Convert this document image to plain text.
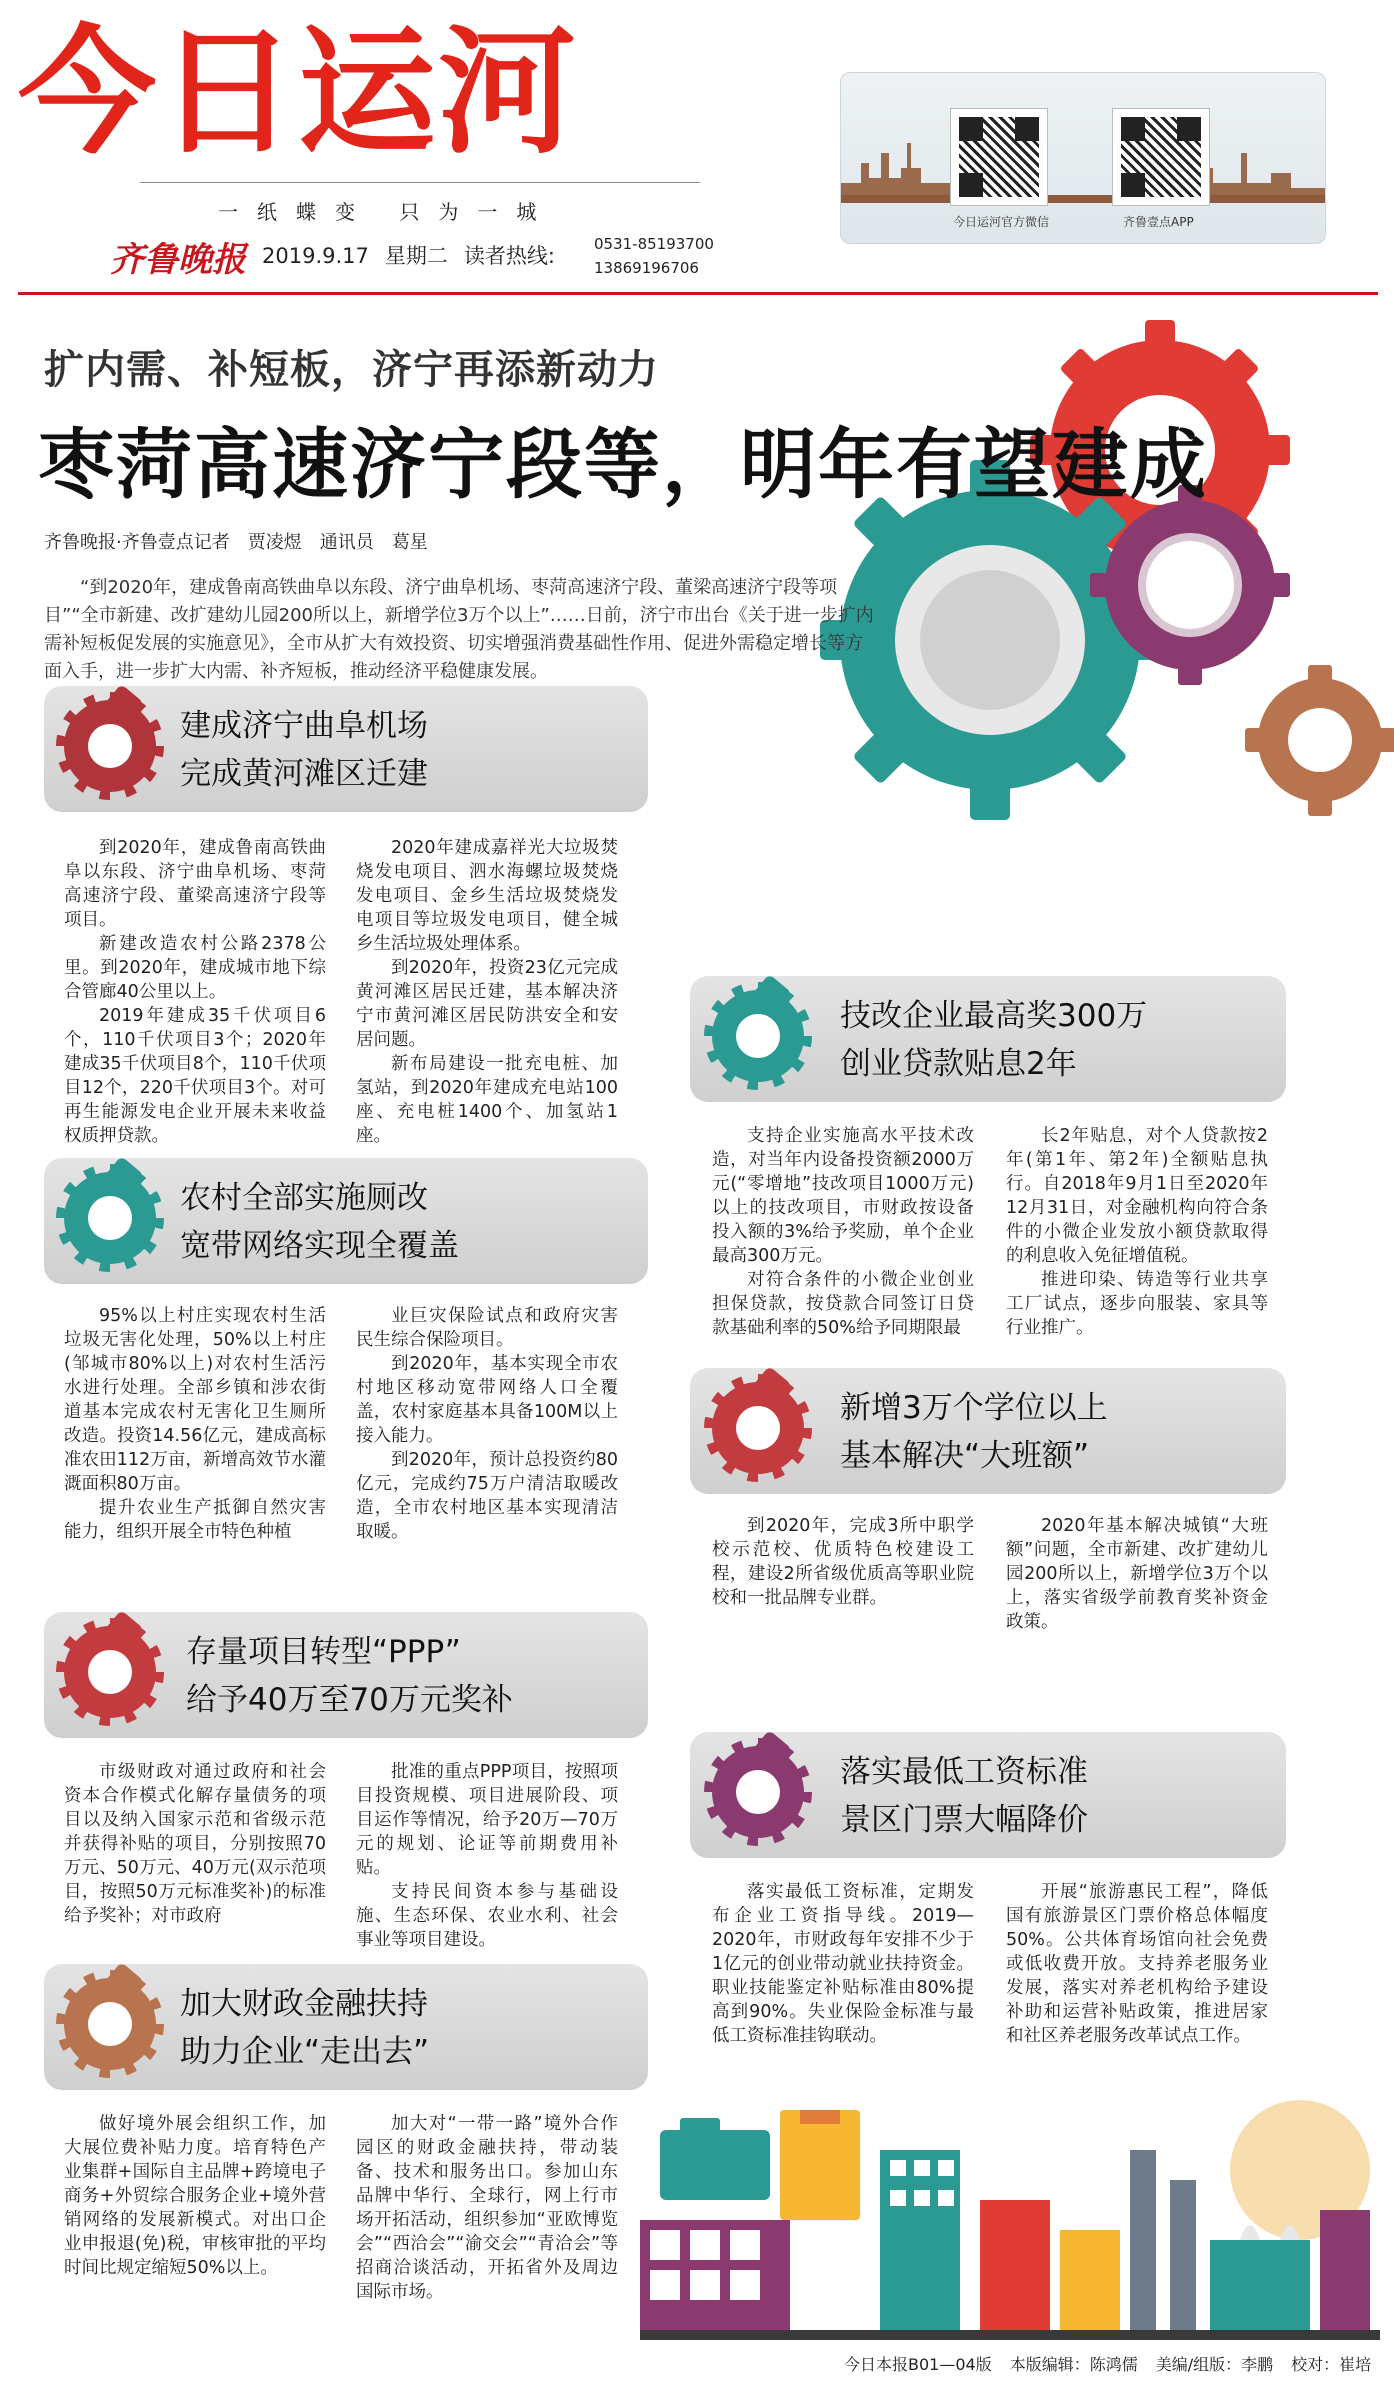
今日运河
一纸蝶变 只为一城
齐鲁晚报 2019.9.17 星期二 读者热线:	0531-85193700
13869196706
今日运河官方微信	齐鲁壹点APP
扩内需、补短板，济宁再添新动力
枣菏高速济宁段等，明年有望建成
齐鲁晚报·齐鲁壹点记者　贾凌煜　通讯员　葛星
“到2020年，建成鲁南高铁曲阜以东段、济宁曲阜机场、枣菏高速济宁段、董梁高速济宁段等项目”“全市新建、改扩建幼儿园200所以上，新增学位3万个以上”……日前，济宁市出台《关于进一步扩内需补短板促发展的实施意见》，全市从扩大有效投资、切实增强消费基础性作用、促进外需稳定增长等方面入手，进一步扩大内需、补齐短板，推动经济平稳健康发展。
建成济宁曲阜机场
完成黄河滩区迁建

到2020年，建成鲁南高铁曲阜以东段、济宁曲阜机场、枣菏高速济宁段、董梁高速济宁段等项目。

新建改造农村公路2378公里。到2020年，建成城市地下综合管廊40公里以上。

2019年建成35千伏项目6个，110千伏项目3个；2020年建成35千伏项目8个，110千伏项目12个，220千伏项目3个。对可再生能源发电企业开展未来收益权质押贷款。

2020年建成嘉祥光大垃圾焚烧发电项目、泗水海螺垃圾焚烧发电项目、金乡生活垃圾焚烧发电项目等垃圾发电项目，健全城乡生活垃圾处理体系。

到2020年，投资23亿元完成黄河滩区居民迁建，基本解决济宁市黄河滩区居民防洪安全和安居问题。

新布局建设一批充电桩、加氢站，到2020年建成充电站100座、充电桩1400个、加氢站1座。

农村全部实施厕改
宽带网络实现全覆盖

95%以上村庄实现农村生活垃圾无害化处理，50%以上村庄(邹城市80%以上)对农村生活污水进行处理。全部乡镇和涉农街道基本完成农村无害化卫生厕所改造。投资14.56亿元，建成高标准农田112万亩，新增高效节水灌溉面积80万亩。

提升农业生产抵御自然灾害能力，组织开展全市特色种植

业巨灾保险试点和政府灾害民生综合保险项目。

到2020年，基本实现全市农村地区移动宽带网络人口全覆盖，农村家庭基本具备100M以上接入能力。

到2020年，预计总投资约80亿元，完成约75万户清洁取暖改造，全市农村地区基本实现清洁取暖。

存量项目转型“PPP”
给予40万至70万元奖补

市级财政对通过政府和社会资本合作模式化解存量债务的项目以及纳入国家示范和省级示范并获得补贴的项目，分别按照70万元、50万元、40万元(双示范项目，按照50万元标准奖补)的标准给予奖补；对市政府

批准的重点PPP项目，按照项目投资规模、项目进展阶段、项目运作等情况，给予20万—70万元的规划、论证等前期费用补贴。

支持民间资本参与基础设施、生态环保、农业水利、社会事业等项目建设。

加大财政金融扶持
助力企业“走出去”

做好境外展会组织工作，加大展位费补贴力度。培育特色产业集群+国际自主品牌+跨境电子商务+外贸综合服务企业+境外营销网络的发展新模式。对出口企业申报退(免)税，审核审批的平均时间比规定缩短50%以上。

加大对“一带一路”境外合作园区的财政金融扶持，带动装备、技术和服务出口。参加山东品牌中华行、全球行，网上行市场开拓活动，组织参加“亚欧博览会”“西洽会”“渝交会”“青洽会”等招商洽谈活动，开拓省外及周边国际市场。

技改企业最高奖300万
创业贷款贴息2年

支持企业实施高水平技术改造，对当年内设备投资额2000万元(“零增地”技改项目1000万元)以上的技改项目，市财政按设备投入额的3%给予奖励，单个企业最高300万元。

对符合条件的小微企业创业担保贷款，按贷款合同签订日贷款基础利率的50%给予同期限最

长2年贴息，对个人贷款按2年(第1年、第2年)全额贴息执行。自2018年9月1日至2020年12月31日，对金融机构向符合条件的小微企业发放小额贷款取得的利息收入免征增值税。

推进印染、铸造等行业共享工厂试点，逐步向服装、家具等行业推广。

新增3万个学位以上
基本解决“大班额”

到2020年，完成3所中职学校示范校、优质特色校建设工程，建设2所省级优质高等职业院校和一批品牌专业群。

2020年基本解决城镇“大班额”问题，全市新建、改扩建幼儿园200所以上，新增学位3万个以上，落实省级学前教育奖补资金政策。

落实最低工资标准
景区门票大幅降价

落实最低工资标准，定期发布企业工资指导线。2019—2020年，市财政每年安排不少于1亿元的创业带动就业扶持资金。职业技能鉴定补贴标准由80%提高到90%。失业保险金标准与最低工资标准挂钩联动。

开展“旅游惠民工程”，降低国有旅游景区门票价格总体幅度50%。公共体育场馆向社会免费或低收费开放。支持养老服务业发展，落实对养老机构给予建设补助和运营补贴政策，推进居家和社区养老服务改革试点工作。

今日本报B01—04版 本版编辑：陈鸿儒 美编/组版：李鹏 校对：崔培
